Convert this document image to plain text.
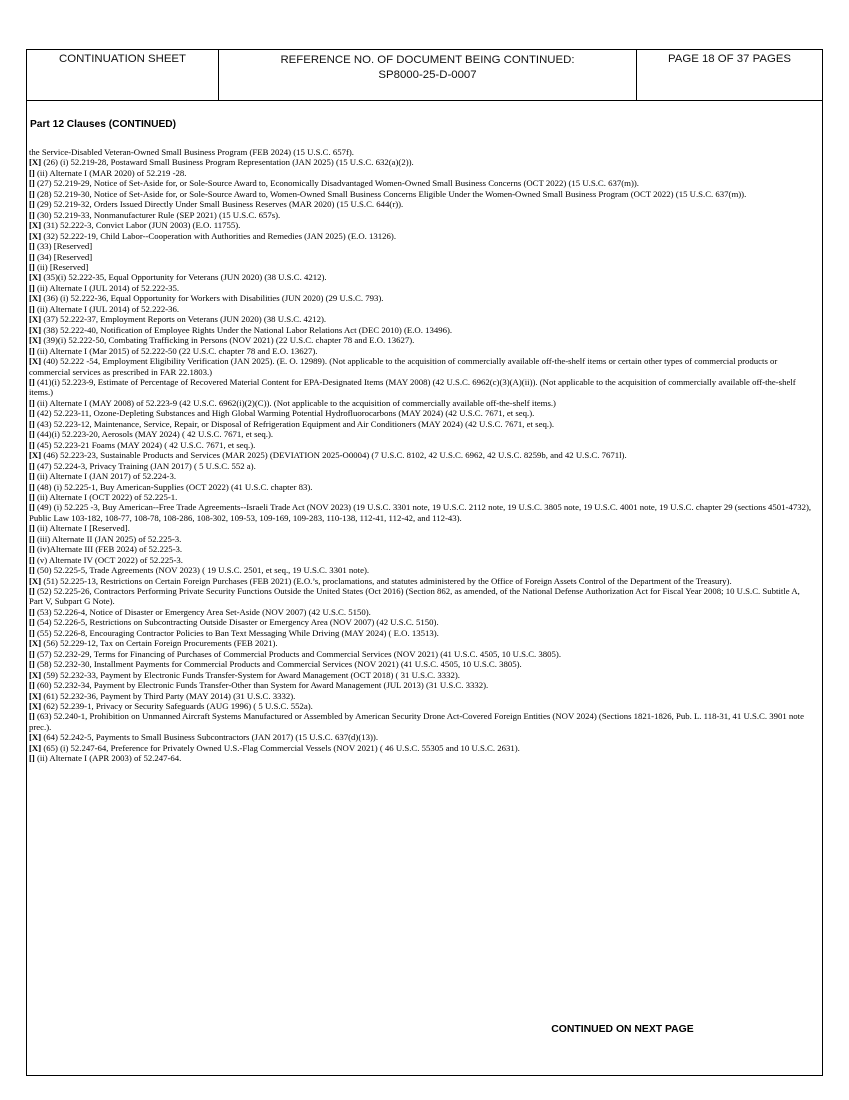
CONTINUATION SHEET	REFERENCE NO. OF DOCUMENT BEING CONTINUED:
SP8000-25-D-0007
PAGE 18 OF 37 PAGES
Part 12 Clauses (CONTINUED)

the Service-Disabled Veteran-Owned Small Business Program (FEB 2024) (15 U.S.C. 657f).

[X] (26) (i) 52.219-28, Postaward Small Business Program Representation (JAN 2025) (15 U.S.C. 632(a)(2)).

[] (ii) Alternate I (MAR 2020) of 52.219 -28.

[] (27) 52.219-29, Notice of Set-Aside for, or Sole-Source Award to, Economically Disadvantaged Women-Owned Small Business Concerns (OCT 2022) (15 U.S.C. 637(m)).

[] (28) 52.219-30, Notice of Set-Aside for, or Sole-Source Award to, Women-Owned Small Business Concerns Eligible Under the Women-Owned Small Business Program (OCT 2022) (15 U.S.C. 637(m)).

[] (29) 52.219-32, Orders Issued Directly Under Small Business Reserves (MAR 2020) (15 U.S.C. 644(r)).

[] (30) 52.219-33, Nonmanufacturer Rule (SEP 2021) (15 U.S.C. 657s).

[X] (31) 52.222-3, Convict Labor (JUN 2003) (E.O. 11755).

[X] (32) 52.222-19, Child Labor--Cooperation with Authorities and Remedies (JAN 2025) (E.O. 13126).

[] (33) [Reserved]

[] (34) [Reserved]

[] (ii) [Reserved]

[X] (35)(i) 52.222-35, Equal Opportunity for Veterans (JUN 2020) (38 U.S.C. 4212).

[] (ii) Alternate I (JUL 2014) of 52.222-35.

[X] (36) (i) 52.222-36, Equal Opportunity for Workers with Disabilities (JUN 2020) (29 U.S.C. 793).

[] (ii) Alternate I (JUL 2014) of 52.222-36.

[X] (37) 52.222-37, Employment Reports on Veterans (JUN 2020) (38 U.S.C. 4212).

[X] (38) 52.222-40, Notification of Employee Rights Under the National Labor Relations Act (DEC 2010) (E.O. 13496).

[X] (39)(i) 52.222-50, Combating Trafficking in Persons (NOV 2021) (22 U.S.C. chapter 78 and E.O. 13627).

[] (ii) Alternate I (Mar 2015) of 52.222-50 (22 U.S.C. chapter 78 and E.O. 13627).

[X] (40) 52.222 -54, Employment Eligibility Verification (JAN 2025). (E. O. 12989). (Not applicable to the acquisition of commercially available off-the-shelf items or certain other types of commercial products or commercial services as prescribed in FAR 22.1803.)

[] (41)(i) 52.223-9, Estimate of Percentage of Recovered Material Content for EPA-Designated Items (MAY 2008) (42 U.S.C. 6962(c)(3)(A)(ii)). (Not applicable to the acquisition of commercially available off-the-shelf items.)

[] (ii) Alternate I (MAY 2008) of 52.223-9 (42 U.S.C. 6962(i)(2)(C)). (Not applicable to the acquisition of commercially available off-the-shelf items.)

[] (42) 52.223-11, Ozone-Depleting Substances and High Global Warming Potential Hydrofluorocarbons (MAY 2024) (42 U.S.C. 7671, et seq.).

[] (43) 52.223-12, Maintenance, Service, Repair, or Disposal of Refrigeration Equipment and Air Conditioners (MAY 2024) (42 U.S.C. 7671, et seq.).

[] (44)(i) 52.223-20, Aerosols (MAY 2024) ( 42 U.S.C. 7671, et seq.).

[] (45) 52.223-21 Foams (MAY 2024) ( 42 U.S.C. 7671, et seq.).

[X] (46) 52.223-23, Sustainable Products and Services (MAR 2025) (DEVIATION 2025-O0004) (7 U.S.C. 8102, 42 U.S.C. 6962, 42 U.S.C. 8259b, and 42 U.S.C. 7671l).

[] (47) 52.224-3, Privacy Training (JAN 2017) ( 5 U.S.C. 552 a).

[] (ii) Alternate I (JAN 2017) of 52.224-3.

[] (48) (i) 52.225-1, Buy American-Supplies (OCT 2022) (41 U.S.C. chapter 83).

[] (ii) Alternate I (OCT 2022) of 52.225-1.

[] (49) (i) 52.225 -3, Buy American--Free Trade Agreements--Israeli Trade Act (NOV 2023) (19 U.S.C. 3301 note, 19 U.S.C. 2112 note, 19 U.S.C. 3805 note, 19 U.S.C. 4001 note, 19 U.S.C. chapter 29 (sections 4501-4732), Public Law 103-182, 108-77, 108-78, 108-286, 108-302, 109-53, 109-169, 109-283, 110-138, 112-41, 112-42, and 112-43).

[] (ii) Alternate I [Reserved].

[] (iii) Alternate II (JAN 2025) of 52.225-3.

[] (iv)Alternate III (FEB 2024) of 52.225-3.

[] (v) Alternate IV (OCT 2022) of 52.225-3.

[] (50) 52.225-5, Trade Agreements (NOV 2023) ( 19 U.S.C. 2501, et seq., 19 U.S.C. 3301 note).

[X] (51) 52.225-13, Restrictions on Certain Foreign Purchases (FEB 2021) (E.O.’s, proclamations, and statutes administered by the Office of Foreign Assets Control of the Department of the Treasury).

[] (52) 52.225-26, Contractors Performing Private Security Functions Outside the United States (Oct 2016) (Section 862, as amended, of the National Defense Authorization Act for Fiscal Year 2008; 10 U.S.C. Subtitle A, Part V, Subpart G Note).

[] (53) 52.226-4, Notice of Disaster or Emergency Area Set-Aside (NOV 2007) (42 U.S.C. 5150).

[] (54) 52.226-5, Restrictions on Subcontracting Outside Disaster or Emergency Area (NOV 2007) (42 U.S.C. 5150).

[] (55) 52.226-8, Encouraging Contractor Policies to Ban Text Messaging While Driving (MAY 2024) ( E.O. 13513).

[X] (56) 52.229-12, Tax on Certain Foreign Procurements (FEB 2021).

[] (57) 52.232-29, Terms for Financing of Purchases of Commercial Products and Commercial Services (NOV 2021) (41 U.S.C. 4505, 10 U.S.C. 3805).

[] (58) 52.232-30, Installment Payments for Commercial Products and Commercial Services (NOV 2021) (41 U.S.C. 4505, 10 U.S.C. 3805).

[X] (59) 52.232-33, Payment by Electronic Funds Transfer-System for Award Management (OCT 2018) ( 31 U.S.C. 3332).

[] (60) 52.232-34, Payment by Electronic Funds Transfer-Other than System for Award Management (JUL 2013) (31 U.S.C. 3332).

[X] (61) 52.232-36, Payment by Third Party (MAY 2014) (31 U.S.C. 3332).

[X] (62) 52.239-1, Privacy or Security Safeguards (AUG 1996) ( 5 U.S.C. 552a).

[] (63) 52.240-1, Prohibition on Unmanned Aircraft Systems Manufactured or Assembled by American Security Drone Act-Covered Foreign Entities (NOV 2024) (Sections 1821-1826, Pub. L. 118-31, 41 U.S.C. 3901 note prec.).

[X] (64) 52.242-5, Payments to Small Business Subcontractors (JAN 2017) (15 U.S.C. 637(d)(13)).

[X] (65) (i) 52.247-64, Preference for Privately Owned U.S.-Flag Commercial Vessels (NOV 2021) ( 46 U.S.C. 55305 and 10 U.S.C. 2631).

[] (ii) Alternate I (APR 2003) of 52.247-64.

CONTINUED ON NEXT PAGE
